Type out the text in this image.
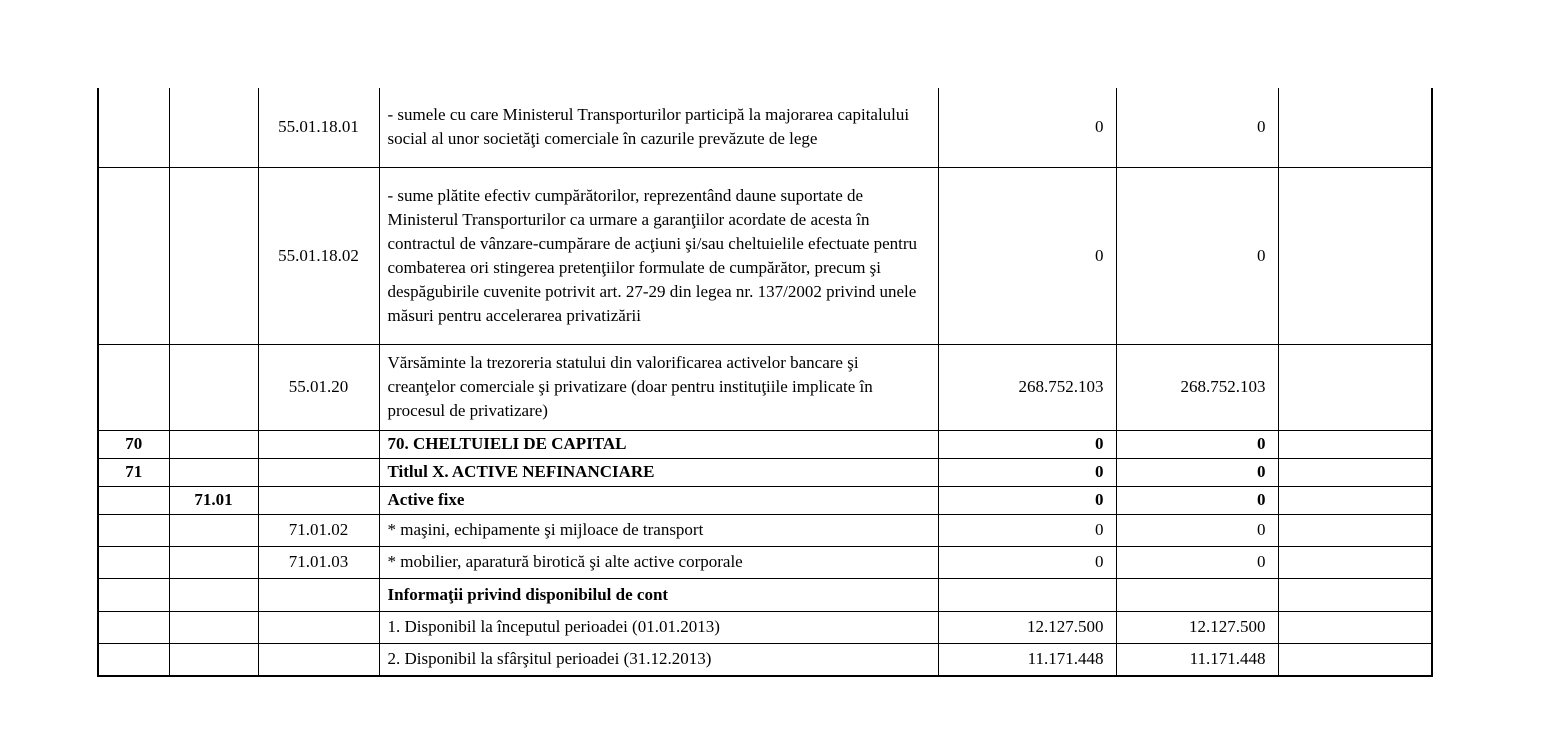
		55.01.18.01	- sumele cu care Ministerul Transporturilor participă la majorarea capitalului social al unor societăţi comerciale în cazurile prevăzute de lege	0	0	
		55.01.18.02	- sume plătite efectiv cumpărătorilor, reprezentând daune suportate de Ministerul Transporturilor ca urmare a garanţiilor acordate de acesta în contractul de vânzare-cumpărare de acţiuni şi/sau cheltuielile efectuate pentru combaterea ori stingerea pretenţiilor formulate de cumpărător, precum şi despăgubirile cuvenite potrivit art. 27-29 din legea nr. 137/2002 privind unele măsuri pentru accelerarea privatizării	0	0	
		55.01.20	Vărsăminte la trezoreria statului din valorificarea activelor bancare şi creanţelor comerciale şi privatizare (doar pentru instituţiile implicate în procesul de privatizare)	268.752.103	268.752.103	
70			70. CHELTUIELI DE CAPITAL	0	0	
71			Titlul X. ACTIVE NEFINANCIARE	0	0	
	71.01		Active fixe	0	0	
		71.01.02	* maşini, echipamente şi mijloace de transport	0	0	
		71.01.03	* mobilier, aparatură birotică şi alte active corporale	0	0	
			Informaţii privind disponibilul de cont			
			1. Disponibil la începutul perioadei (01.01.2013)	12.127.500	12.127.500	
			2. Disponibil la sfârşitul perioadei (31.12.2013)	11.171.448	11.171.448	
